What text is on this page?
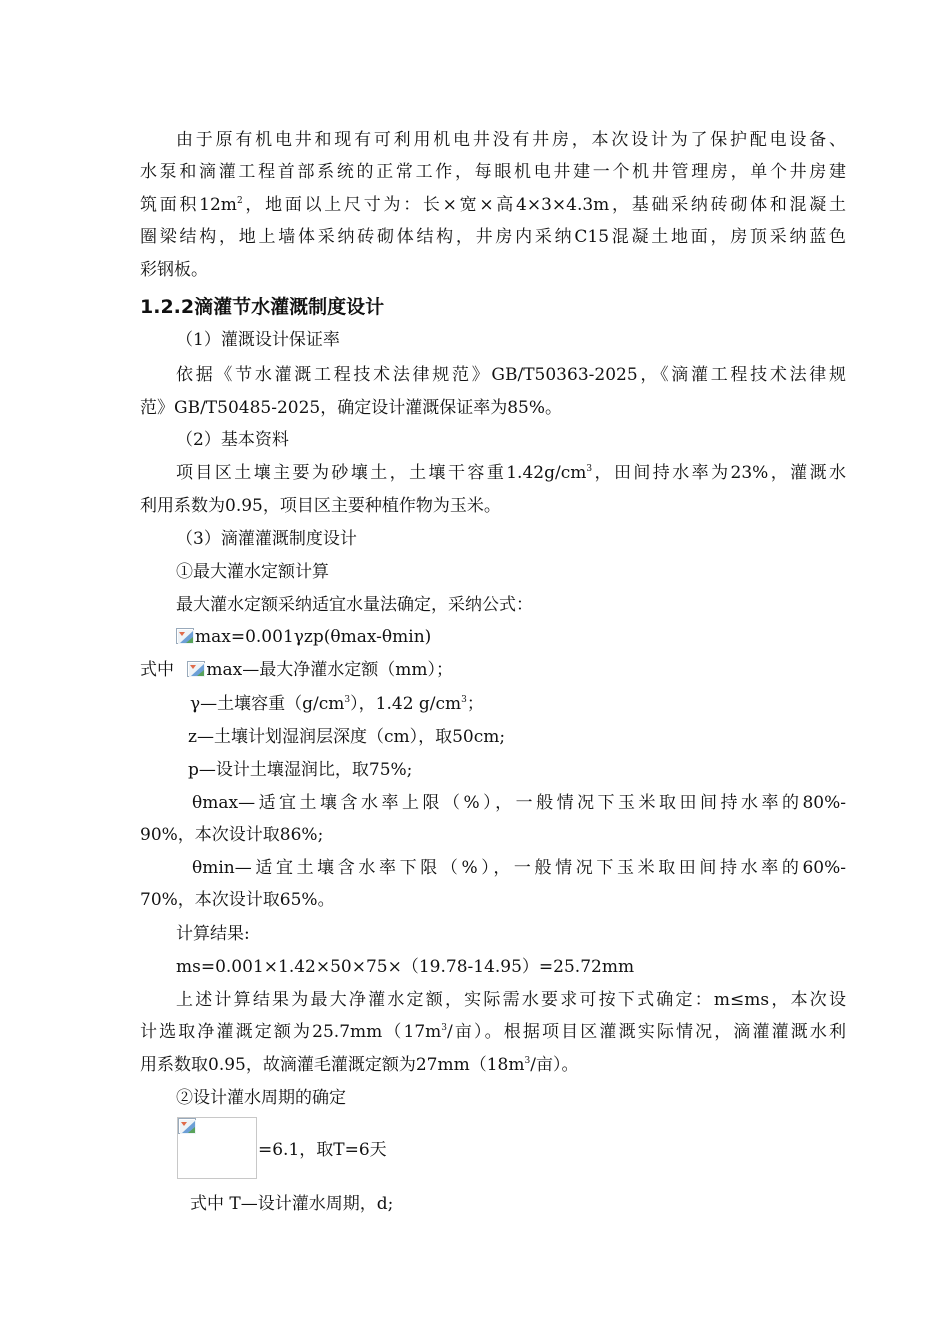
由于原有机电井和现有可利用机电井没有井房，本次设计为了保护配电设备、
水泵和滴灌工程首部系统的正常工作，每眼机电井建一个机井管理房，单个井房建
筑面积$12m^2$，地面以上尺寸为：长×宽×高4×3×4.3m，基础采纳砖砌体和混凝土
圈梁结构，地上墙体采纳砖砌体结构，井房内采纳C15混凝土地面，房顶采纳蓝色
彩钢板。
1.2.2滴灌节水灌溉制度设计
（1）灌溉设计保证率
依据《节水灌溉工程技术法律规范》GB/T50363-2025，《滴灌工程技术法律规
范》GB/T50485-2025，确定设计灌溉保证率为85%。
（2）基本资料
项目区土壤主要为砂壤土，土壤干容重$1.42g/cm^3$，田间持水率为23%，灌溉水
利用系数为0.95，项目区主要种植作物为玉米。
（3）滴灌灌溉制度设计
①最大灌水定额计算
最大灌水定额采纳适宜水量法确定，采纳公式：
max=0.001γzp(θmax-θmin)
式中 max—最大净灌水定额（mm）；
γ—土壤容重$(g/cm^3)$，1.42 $g/cm^3$；
z—土壤计划湿润层深度（cm），取50cm;
p—设计土壤湿润比，取75%;
θmax—适宜土壤含水率上限（%），一般情况下玉米取田间持水率的80%-
90%，本次设计取86%;
θmin—适宜土壤含水率下限（%），一般情况下玉米取田间持水率的60%-
70%，本次设计取65%。
计算结果:
ms=0.001×1.42×50×75×（19.78-14.95）=25.72mm
上述计算结果为最大净灌水定额，实际需水要求可按下式确定：m≤ms，本次设
计选取净灌溉定额为$25.7mm(17m^3/$亩）。根据项目区灌溉实际情况，滴灌灌溉水利
用系数取0.95，故滴灌毛灌溉定额为$27mm(18m^3/$亩）。
②设计灌水周期的确定
=6.1，取T=6天
式中 T—设计灌水周期，d;
